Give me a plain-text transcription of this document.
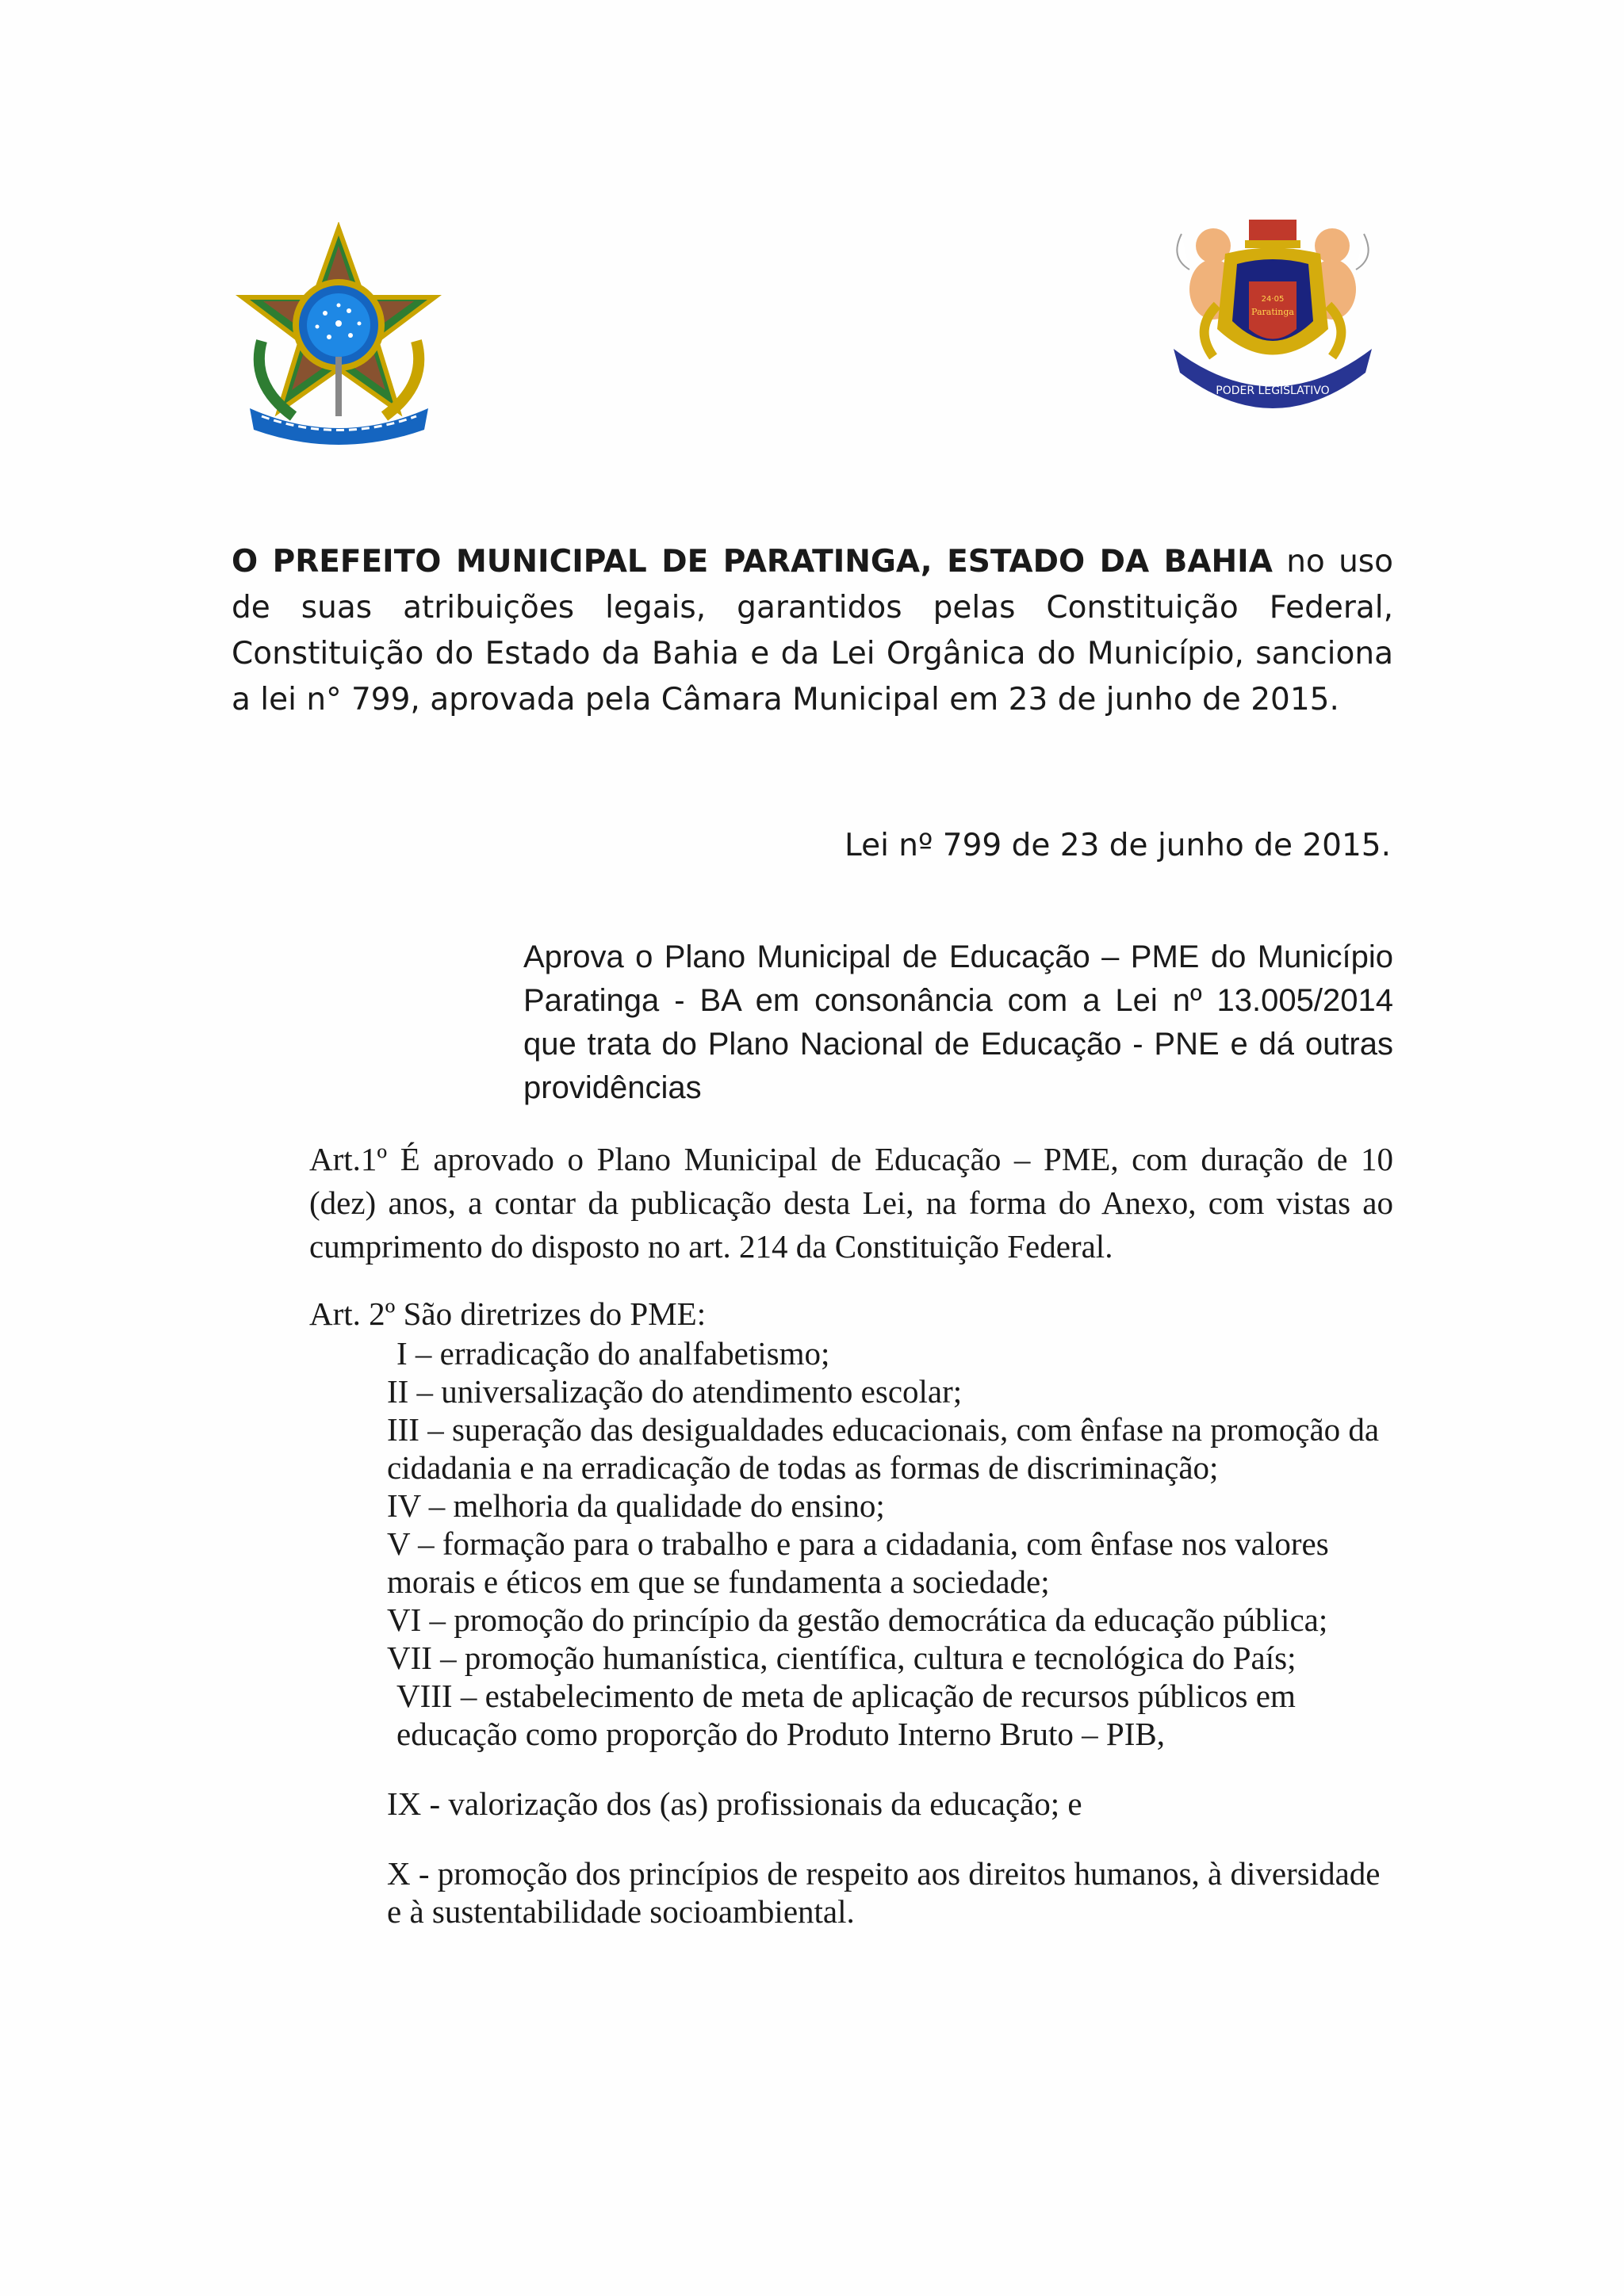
24·05
Paratinga
PODER LEGISLATIVO
O PREFEITO MUNICIPAL DE PARATINGA, ESTADO DA BAHIA no uso de suas atribuições legais, garantidos pelas Constituição Federal, Constituição do Estado da Bahia e da Lei Orgânica do Município, sanciona a lei n° 799, aprovada pela Câmara Municipal em 23 de junho de 2015.
Lei nº 799 de 23 de junho de 2015.
Aprova o Plano Municipal de Educação – PME do Município Paratinga - BA em consonância com a Lei nº 13.005/2014 que trata do Plano Nacional de Educação - PNE e dá outras providências
Art.1º É aprovado o Plano Municipal de Educação – PME, com duração de 10 (dez) anos, a contar da publicação desta Lei, na forma do Anexo, com vistas ao cumprimento do disposto no art. 214 da Constituição Federal.
Art. 2º São diretrizes do PME:
I – erradicação do analfabetismo;
II – universalização do atendimento escolar;
III – superação das desigualdades educacionais, com ênfase na promoção da cidadania e na erradicação de todas as formas de discriminação;
IV – melhoria da qualidade do ensino;
V – formação para o trabalho e para a cidadania, com ênfase nos valores morais e éticos em que se fundamenta a sociedade;
VI – promoção do princípio da gestão democrática da educação pública;
VII – promoção humanística, científica, cultura e tecnológica do País;
VIII – estabelecimento de meta de aplicação de recursos públicos em educação como proporção do Produto Interno Bruto – PIB,
IX - valorização dos (as) profissionais da educação; e
X - promoção dos princípios de respeito aos direitos humanos, à diversidade e à sustentabilidade socioambiental.
